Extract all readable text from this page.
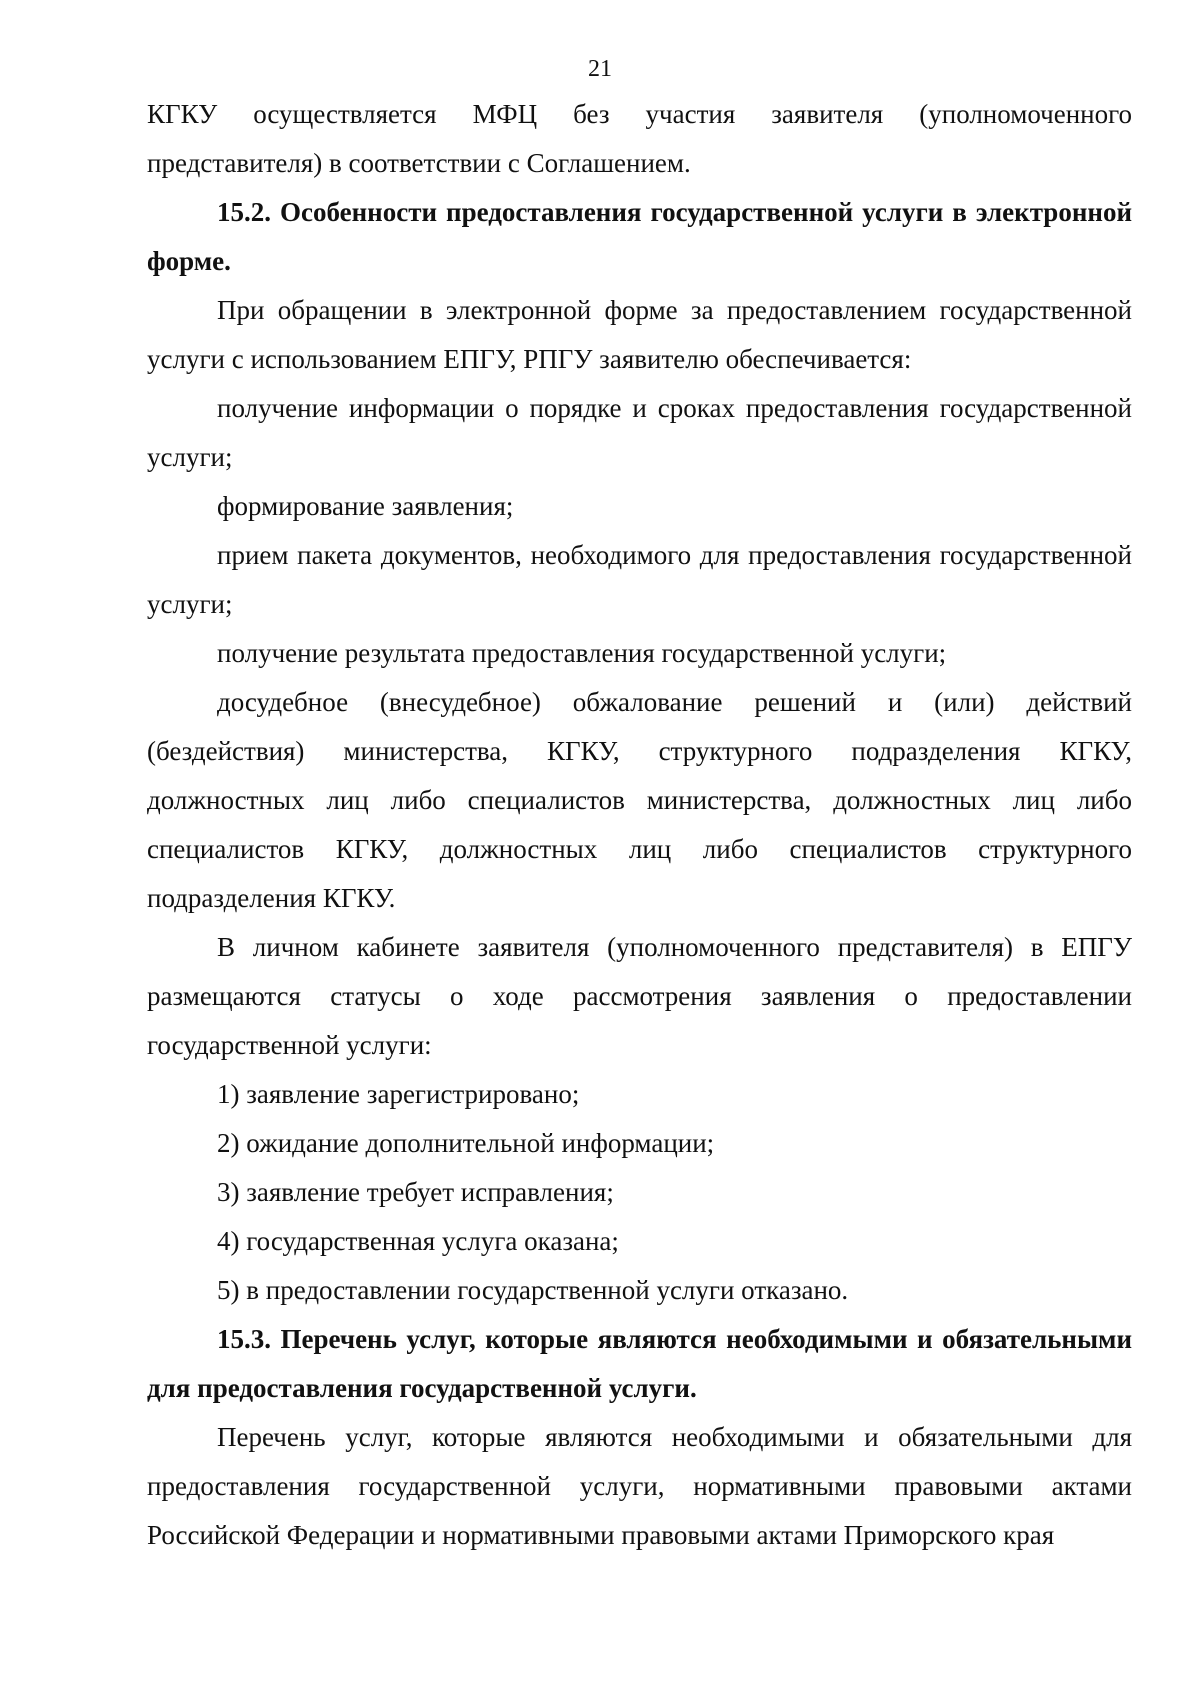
21

КГКУ осуществляется МФЦ без участия заявителя (уполномоченного представителя) в соответствии с Соглашением.

15.2. Особенности предоставления государственной услуги в электронной форме.

При обращении в электронной форме за предоставлением государственной услуги с использованием ЕПГУ, РПГУ заявителю обеспечивается:

получение информации о порядке и сроках предоставления государственной услуги;

формирование заявления;

прием пакета документов, необходимого для предоставления государственной услуги;

получение результата предоставления государственной услуги;

досудебное (внесудебное) обжалование решений и (или) действий (бездействия) министерства, КГКУ, структурного подразделения КГКУ, должностных лиц либо специалистов министерства, должностных лиц либо специалистов КГКУ, должностных лиц либо специалистов структурного подразделения КГКУ.

В личном кабинете заявителя (уполномоченного представителя) в ЕПГУ размещаются статусы о ходе рассмотрения заявления о предоставлении государственной услуги:

1) заявление зарегистрировано;

2) ожидание дополнительной информации;

3) заявление требует исправления;

4) государственная услуга оказана;

5) в предоставлении государственной услуги отказано.

15.3. Перечень услуг, которые являются необходимыми и обязательными для предоставления государственной услуги.

Перечень услуг, которые являются необходимыми и обязательными для предоставления государственной услуги, нормативными правовыми актами Российской Федерации и нормативными правовыми актами Приморского края
